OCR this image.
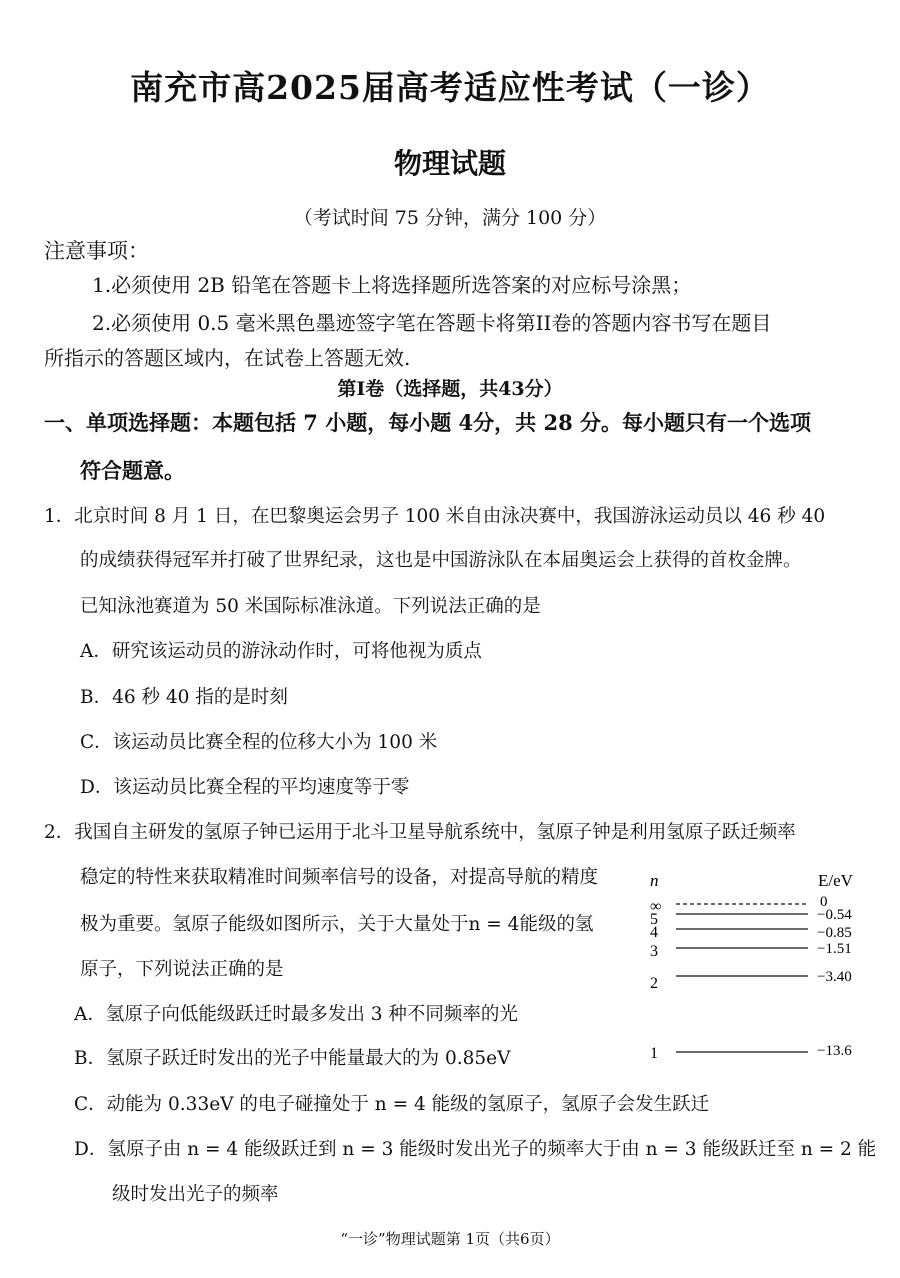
南充市高2025届高考适应性考试（一诊）
物理试题
（考试时间 75 分钟，满分 100 分）
注意事项：
1.必须使用 2B 铅笔在答题卡上将选择题所选答案的对应标号涂黑；
2.必须使用 0.5 毫米黑色墨迹签字笔在答题卡将第II卷的答题内容书写在题目
所指示的答题区域内，在试卷上答题无效.
第I卷（选择题，共43分）
一、单项选择题：本题包括 7 小题，每小题 4分，共 28 分。每小题只有一个选项
符合题意。
1．北京时间 8 月 1 日，在巴黎奥运会男子 100 米自由泳决赛中，我国游泳运动员以 46 秒 40
的成绩获得冠军并打破了世界纪录，这也是中国游泳队在本届奥运会上获得的首枚金牌。
已知泳池赛道为 50 米国际标准泳道。下列说法正确的是
A．研究该运动员的游泳动作时，可将他视为质点
B．46 秒 40 指的是时刻
C．该运动员比赛全程的位移大小为 100 米
D．该运动员比赛全程的平均速度等于零
2．我国自主研发的氢原子钟已运用于北斗卫星导航系统中，氢原子钟是利用氢原子跃迁频率
稳定的特性来获取精准时间频率信号的设备，对提高导航的精度
极为重要。氢原子能级如图所示，关于大量处于n = 4能级的氢
原子，下列说法正确的是
A．氢原子向低能级跃迁时最多发出 3 种不同频率的光
B．氢原子跃迁时发出的光子中能量最大的为 0.85eV
C．动能为 0.33eV 的电子碰撞处于 n = 4 能级的氢原子，氢原子会发生跃迁
D．氢原子由 n = 4 能级跃迁到 n = 3 能级时发出光子的频率大于由 n = 3 能级跃迁至 n = 2 能
级时发出光子的频率
n	E/eV
∞	0
5	−0.54
4	−0.85
3	−1.51
2	−3.40
1	−13.6
“一诊”物理试题第 1页（共6页）
